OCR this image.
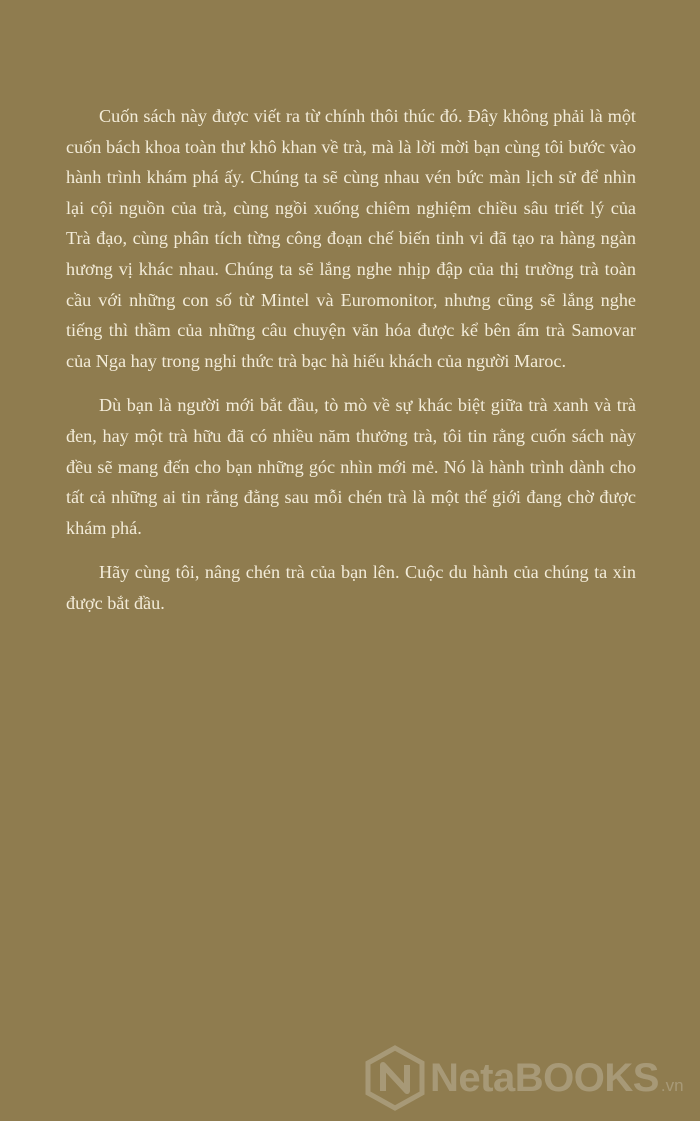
Cuốn sách này được viết ra từ chính thôi thúc đó. Đây không phải là một cuốn bách khoa toàn thư khô khan về trà, mà là lời mời bạn cùng tôi bước vào hành trình khám phá ấy. Chúng ta sẽ cùng nhau vén bức màn lịch sử để nhìn lại cội nguồn của trà, cùng ngồi xuống chiêm nghiệm chiều sâu triết lý của Trà đạo, cùng phân tích từng công đoạn chế biến tinh vi đã tạo ra hàng ngàn hương vị khác nhau. Chúng ta sẽ lắng nghe nhịp đập của thị trường trà toàn cầu với những con số từ Mintel và Euromonitor, nhưng cũng sẽ lắng nghe tiếng thì thầm của những câu chuyện văn hóa được kể bên ấm trà Samovar của Nga hay trong nghi thức trà bạc hà hiếu khách của người Maroc.

Dù bạn là người mới bắt đầu, tò mò về sự khác biệt giữa trà xanh và trà đen, hay một trà hữu đã có nhiều năm thưởng trà, tôi tin rằng cuốn sách này đều sẽ mang đến cho bạn những góc nhìn mới mẻ. Nó là hành trình dành cho tất cả những ai tin rằng đằng sau mỗi chén trà là một thế giới đang chờ được khám phá.

Hãy cùng tôi, nâng chén trà của bạn lên. Cuộc du hành của chúng ta xin được bắt đầu.

NetaBOOKS .vn
